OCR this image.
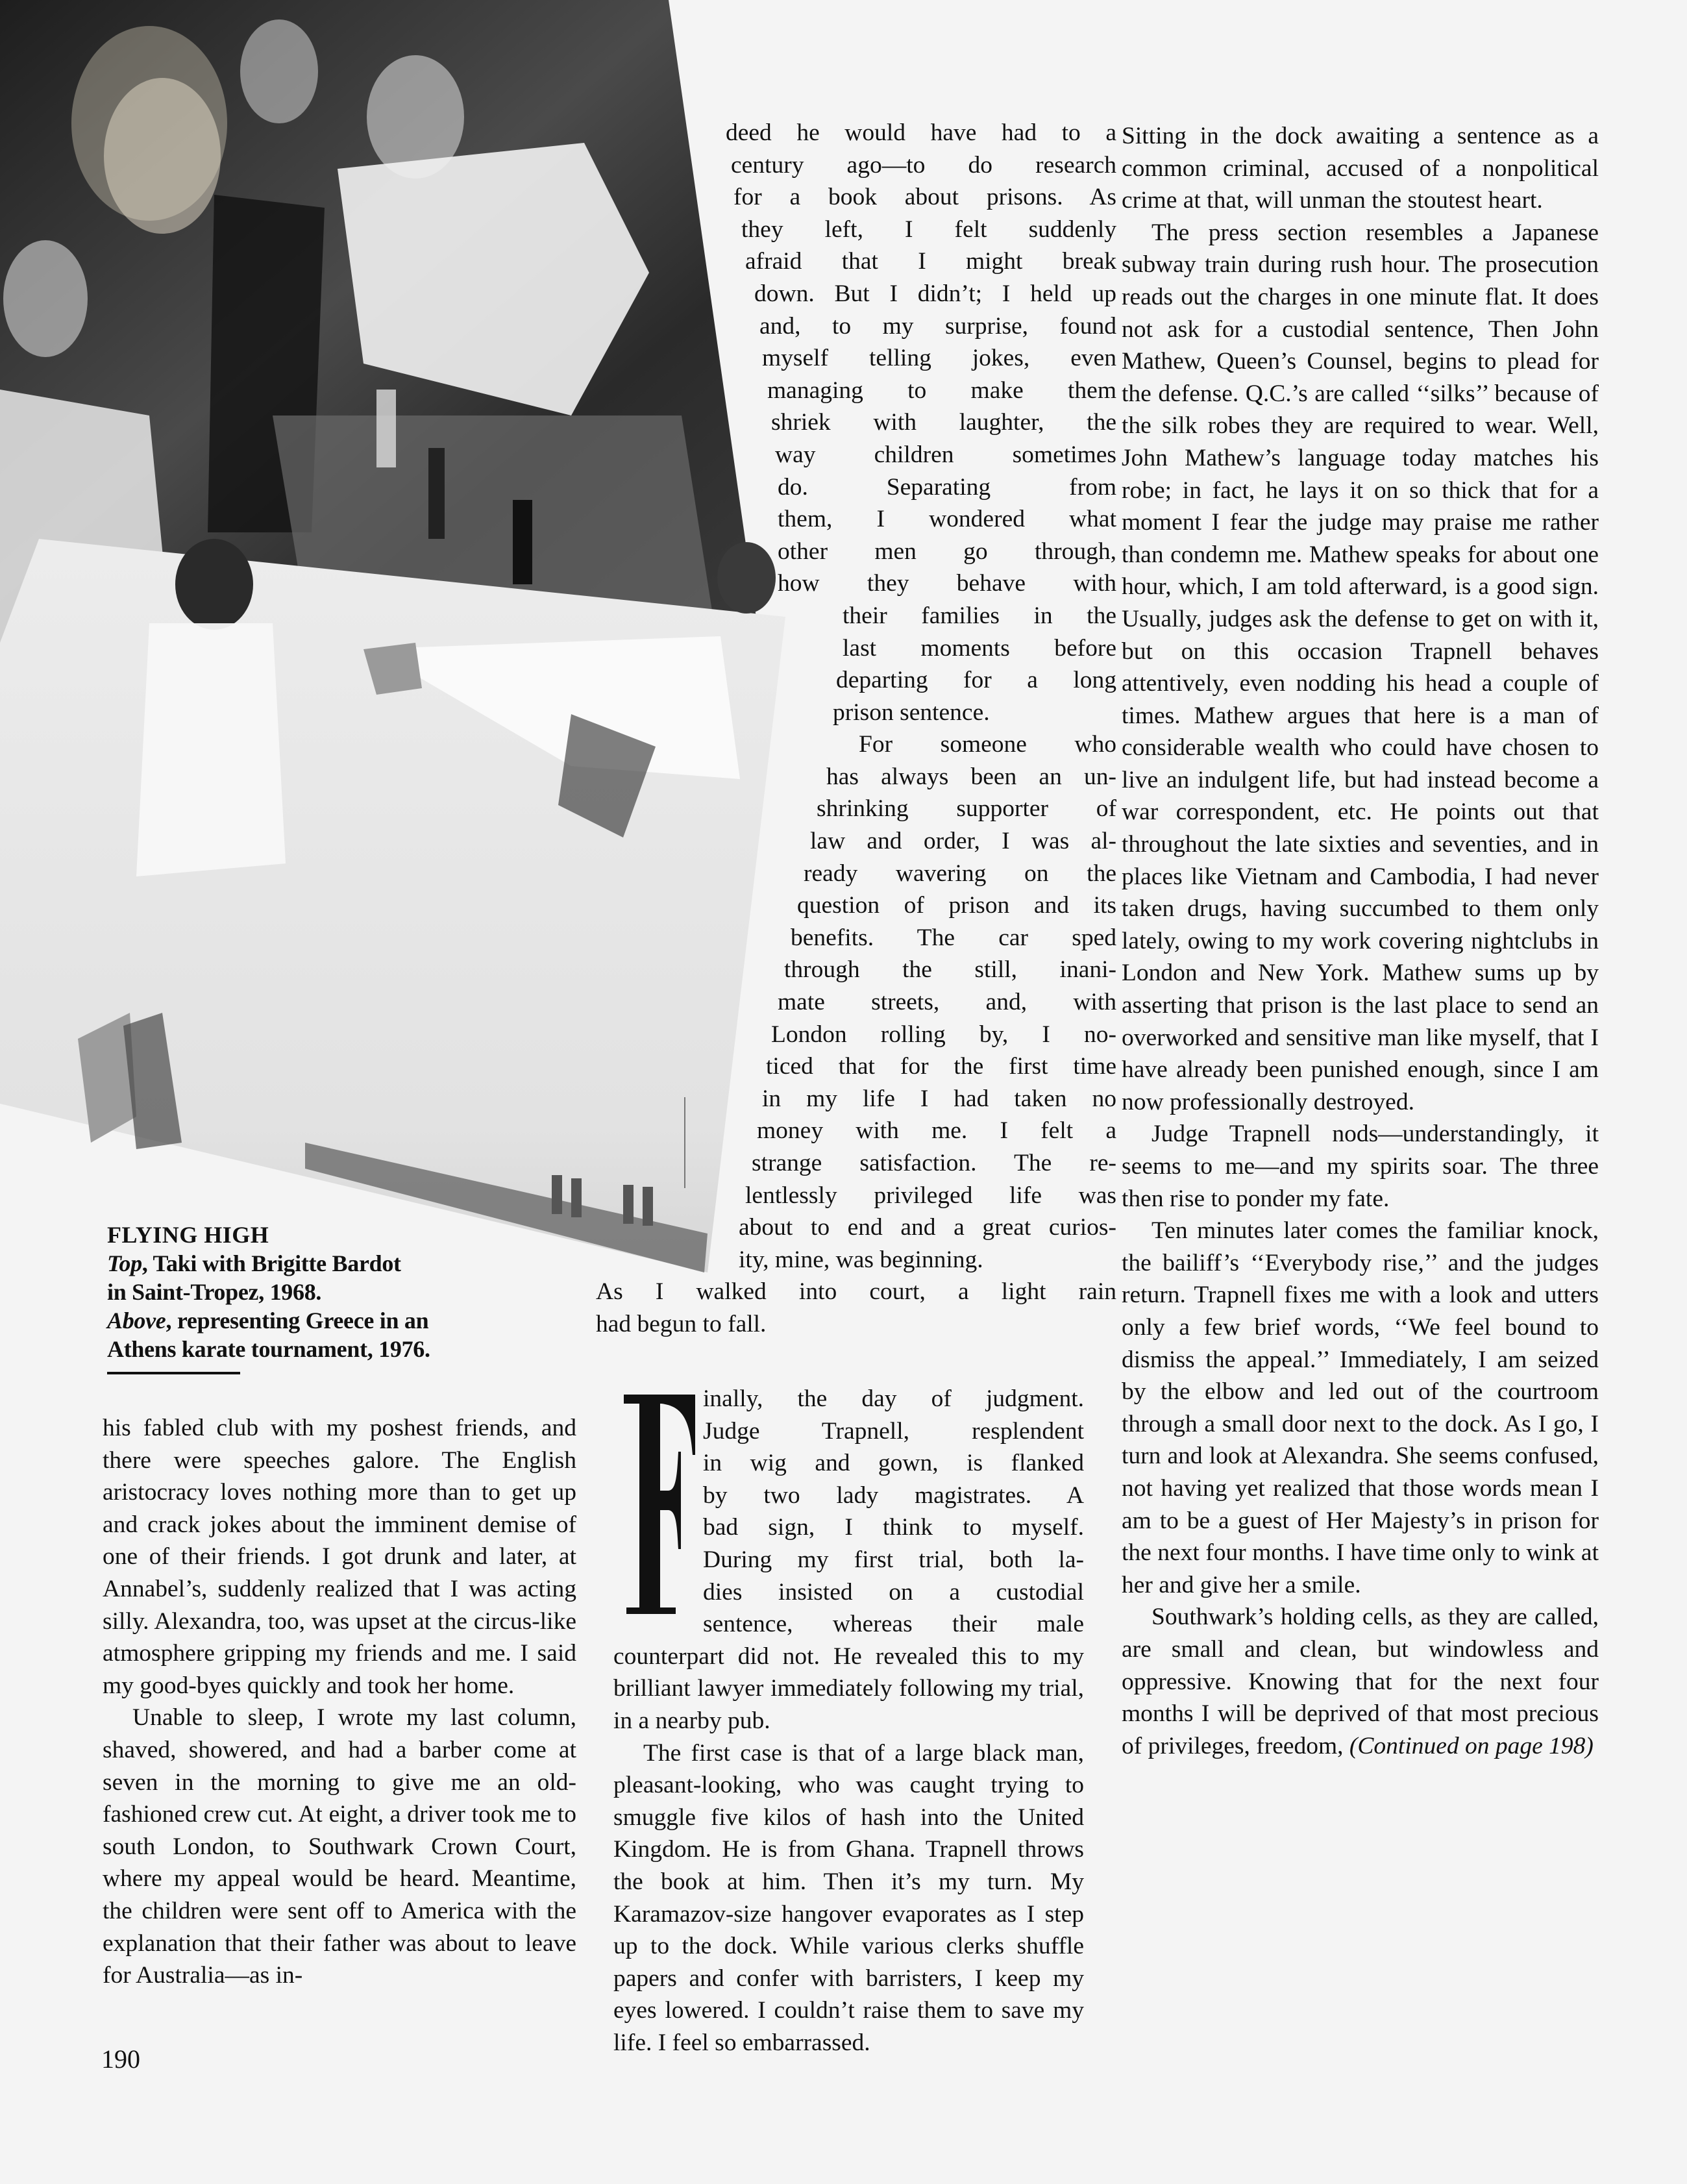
deed he would have had to a
century ago—to do research
for a book about prisons. As
they left, I felt suddenly
afraid that I might break
down. But I didn’t; I held up
and, to my surprise, found
myself telling jokes, even
managing to make them
shriek with laughter, the
way children sometimes
do. Separating from
them, I wondered what
other men go through,
how they behave with
their families in the
last moments before
departing for a long
prison sentence.
For someone who
has always been an un-
shrinking supporter of
law and order, I was al-
ready wavering on the
question of prison and its
benefits. The car sped
through the still, inani-
mate streets, and, with
London rolling by, I no-
ticed that for the first time
in my life I had taken no
money with me. I felt a
strange satisfaction. The re-
lentlessly privileged life was
about to end and a great curios-
ity, mine, was beginning.
As I walked into court, a light rain
had begun to fall.
FLYING HIGH
Top, Taki with Brigitte Bardot
in Saint-Tropez, 1968.
Above, representing Greece in an
Athens karate tournament, 1976.

his fabled club with my poshest friends, and there were speeches galore. The English aristocracy loves nothing more than to get up and crack jokes about the imminent demise of one of their friends. I got drunk and later, at Annabel’s, suddenly realized that I was acting silly. Alexandra, too, was upset at the circus-like atmosphere gripping my friends and me. I said my good-byes quickly and took her home.

Unable to sleep, I wrote my last column, shaved, showered, and had a barber come at seven in the morning to give me an old-fashioned crew cut. At eight, a driver took me to south London, to Southwark Crown Court, where my appeal would be heard. Meantime, the children were sent off to America with the explanation that their father was about to leave for Australia—as in-

inally, the day of judgment.
Judge Trapnell, resplendent
in wig and gown, is flanked
by two lady magistrates. A
bad sign, I think to myself.
During my first trial, both la-
dies insisted on a custodial
sentence, whereas their male

counterpart did not. He revealed this to my brilliant lawyer immediately following my trial, in a nearby pub.

The first case is that of a large black man, pleasant-looking, who was caught trying to smuggle five kilos of hash into the United Kingdom. He is from Ghana. Trapnell throws the book at him. Then it’s my turn. My Karamazov-size hangover evaporates as I step up to the dock. While various clerks shuffle papers and confer with barristers, I keep my eyes lowered. I couldn’t raise them to save my life. I feel so embarrassed.

Sitting in the dock awaiting a sentence as a common criminal, accused of a nonpolitical crime at that, will unman the stoutest heart.

The press section resembles a Japanese subway train during rush hour. The prosecution reads out the charges in one minute flat. It does not ask for a custodial sentence, Then John Mathew, Queen’s Counsel, begins to plead for the defense. Q.C.’s are called ‘‘silks’’ because of the silk robes they are required to wear. Well, John Mathew’s language today matches his robe; in fact, he lays it on so thick that for a moment I fear the judge may praise me rather than condemn me. Mathew speaks for about one hour, which, I am told afterward, is a good sign. Usually, judges ask the defense to get on with it, but on this occasion Trapnell behaves attentively, even nodding his head a couple of times. Mathew argues that here is a man of considerable wealth who could have chosen to live an indulgent life, but had instead become a war correspondent, etc. He points out that throughout the late sixties and seventies, and in places like Vietnam and Cambodia, I had never taken drugs, having succumbed to them only lately, owing to my work covering nightclubs in London and New York. Mathew sums up by asserting that prison is the last place to send an overworked and sensitive man like myself, that I have already been punished enough, since I am now professionally destroyed.

Judge Trapnell nods—understandingly, it seems to me—and my spirits soar. The three then rise to ponder my fate.

Ten minutes later comes the familiar knock, the bailiff’s ‘‘Everybody rise,’’ and the judges return. Trapnell fixes me with a look and utters only a few brief words, ‘‘We feel bound to dismiss the appeal.’’ Immediately, I am seized by the elbow and led out of the courtroom through a small door next to the dock. As I go, I turn and look at Alexandra. She seems confused, not having yet realized that those words mean I am to be a guest of Her Majesty’s in prison for the next four months. I have time only to wink at her and give her a smile.

Southwark’s holding cells, as they are called, are small and clean, but windowless and oppressive. Knowing that for the next four months I will be deprived of that most precious of privileges, freedom, (Continued on page 198)

190
